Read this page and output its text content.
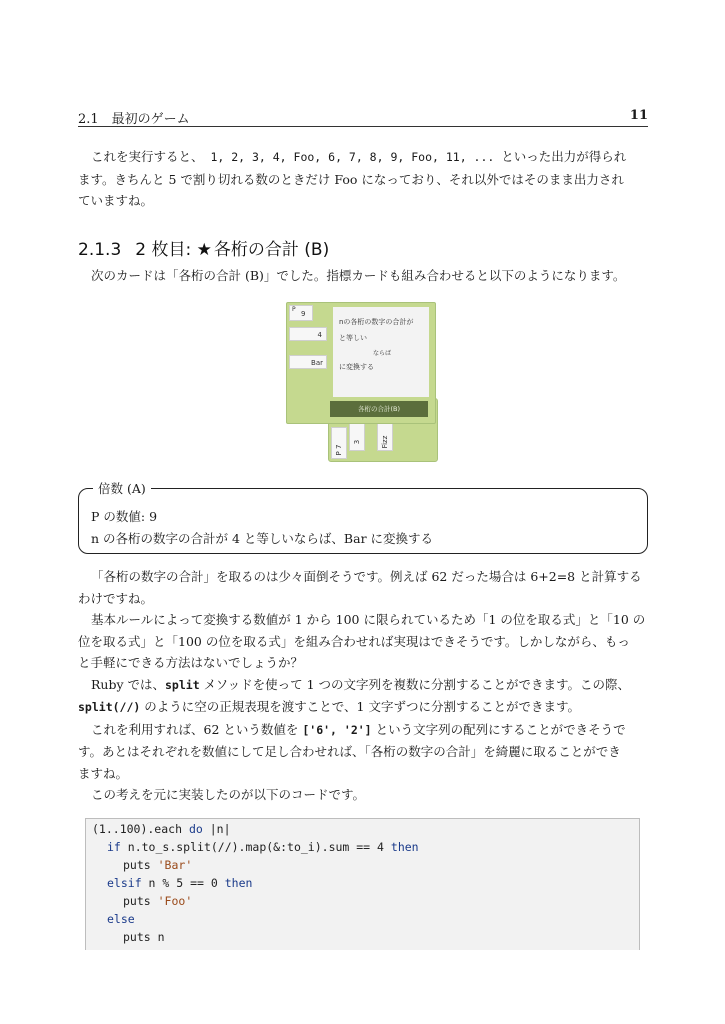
2.1　最初のゲーム	11

これを実行すると、 1, 2, 3, 4, Foo, 6, 7, 8, 9, Foo, 11, ... といった出力が得られ

ます。きちんと 5 で割り切れる数のときだけ Foo になっており、それ以外ではそのまま出力され

ていますね。

2.1.3 2 枚目: ★ 各桁の合計 (B)

次のカードは「各桁の合計 (B)」でした。指標カードも組み合わせると以下のようになります。

P 7
3	Fizz
P
9
4
Bar
nの各桁の数字の合計が
と等しい
ならば
に変換する
各桁の合計(B)
倍数 (A)
P の数値: 9
n の各桁の数字の合計が 4 と等しいならば、Bar に変換する

「各桁の数字の合計」を取るのは少々面倒そうです。例えば 62 だった場合は 6+2=8 と計算する

わけですね。

基本ルールによって変換する数値が 1 から 100 に限られているため「1 の位を取る式」と「10 の

位を取る式」と「100 の位を取る式」を組み合わせれば実現はできそうです。しかしながら、もっ

と手軽にできる方法はないでしょうか？

Ruby では、split メソッドを使って 1 つの文字列を複数に分割することができます。この際、

split(//) のように空の正規表現を渡すことで、1 文字ずつに分割することができます。

これを利用すれば、62 という数値を ['6', '2'] という文字列の配列にすることができそうで

す。あとはそれぞれを数値にして足し合わせれば、「各桁の数字の合計」を綺麗に取ることができ

ますね。

この考えを元に実装したのが以下のコードです。

(1..100).each do |n|
if n.to_s.split(//).map(&:to_i).sum == 4 then
puts 'Bar'
elsif n % 5 == 0 then
puts 'Foo'
else
puts n
